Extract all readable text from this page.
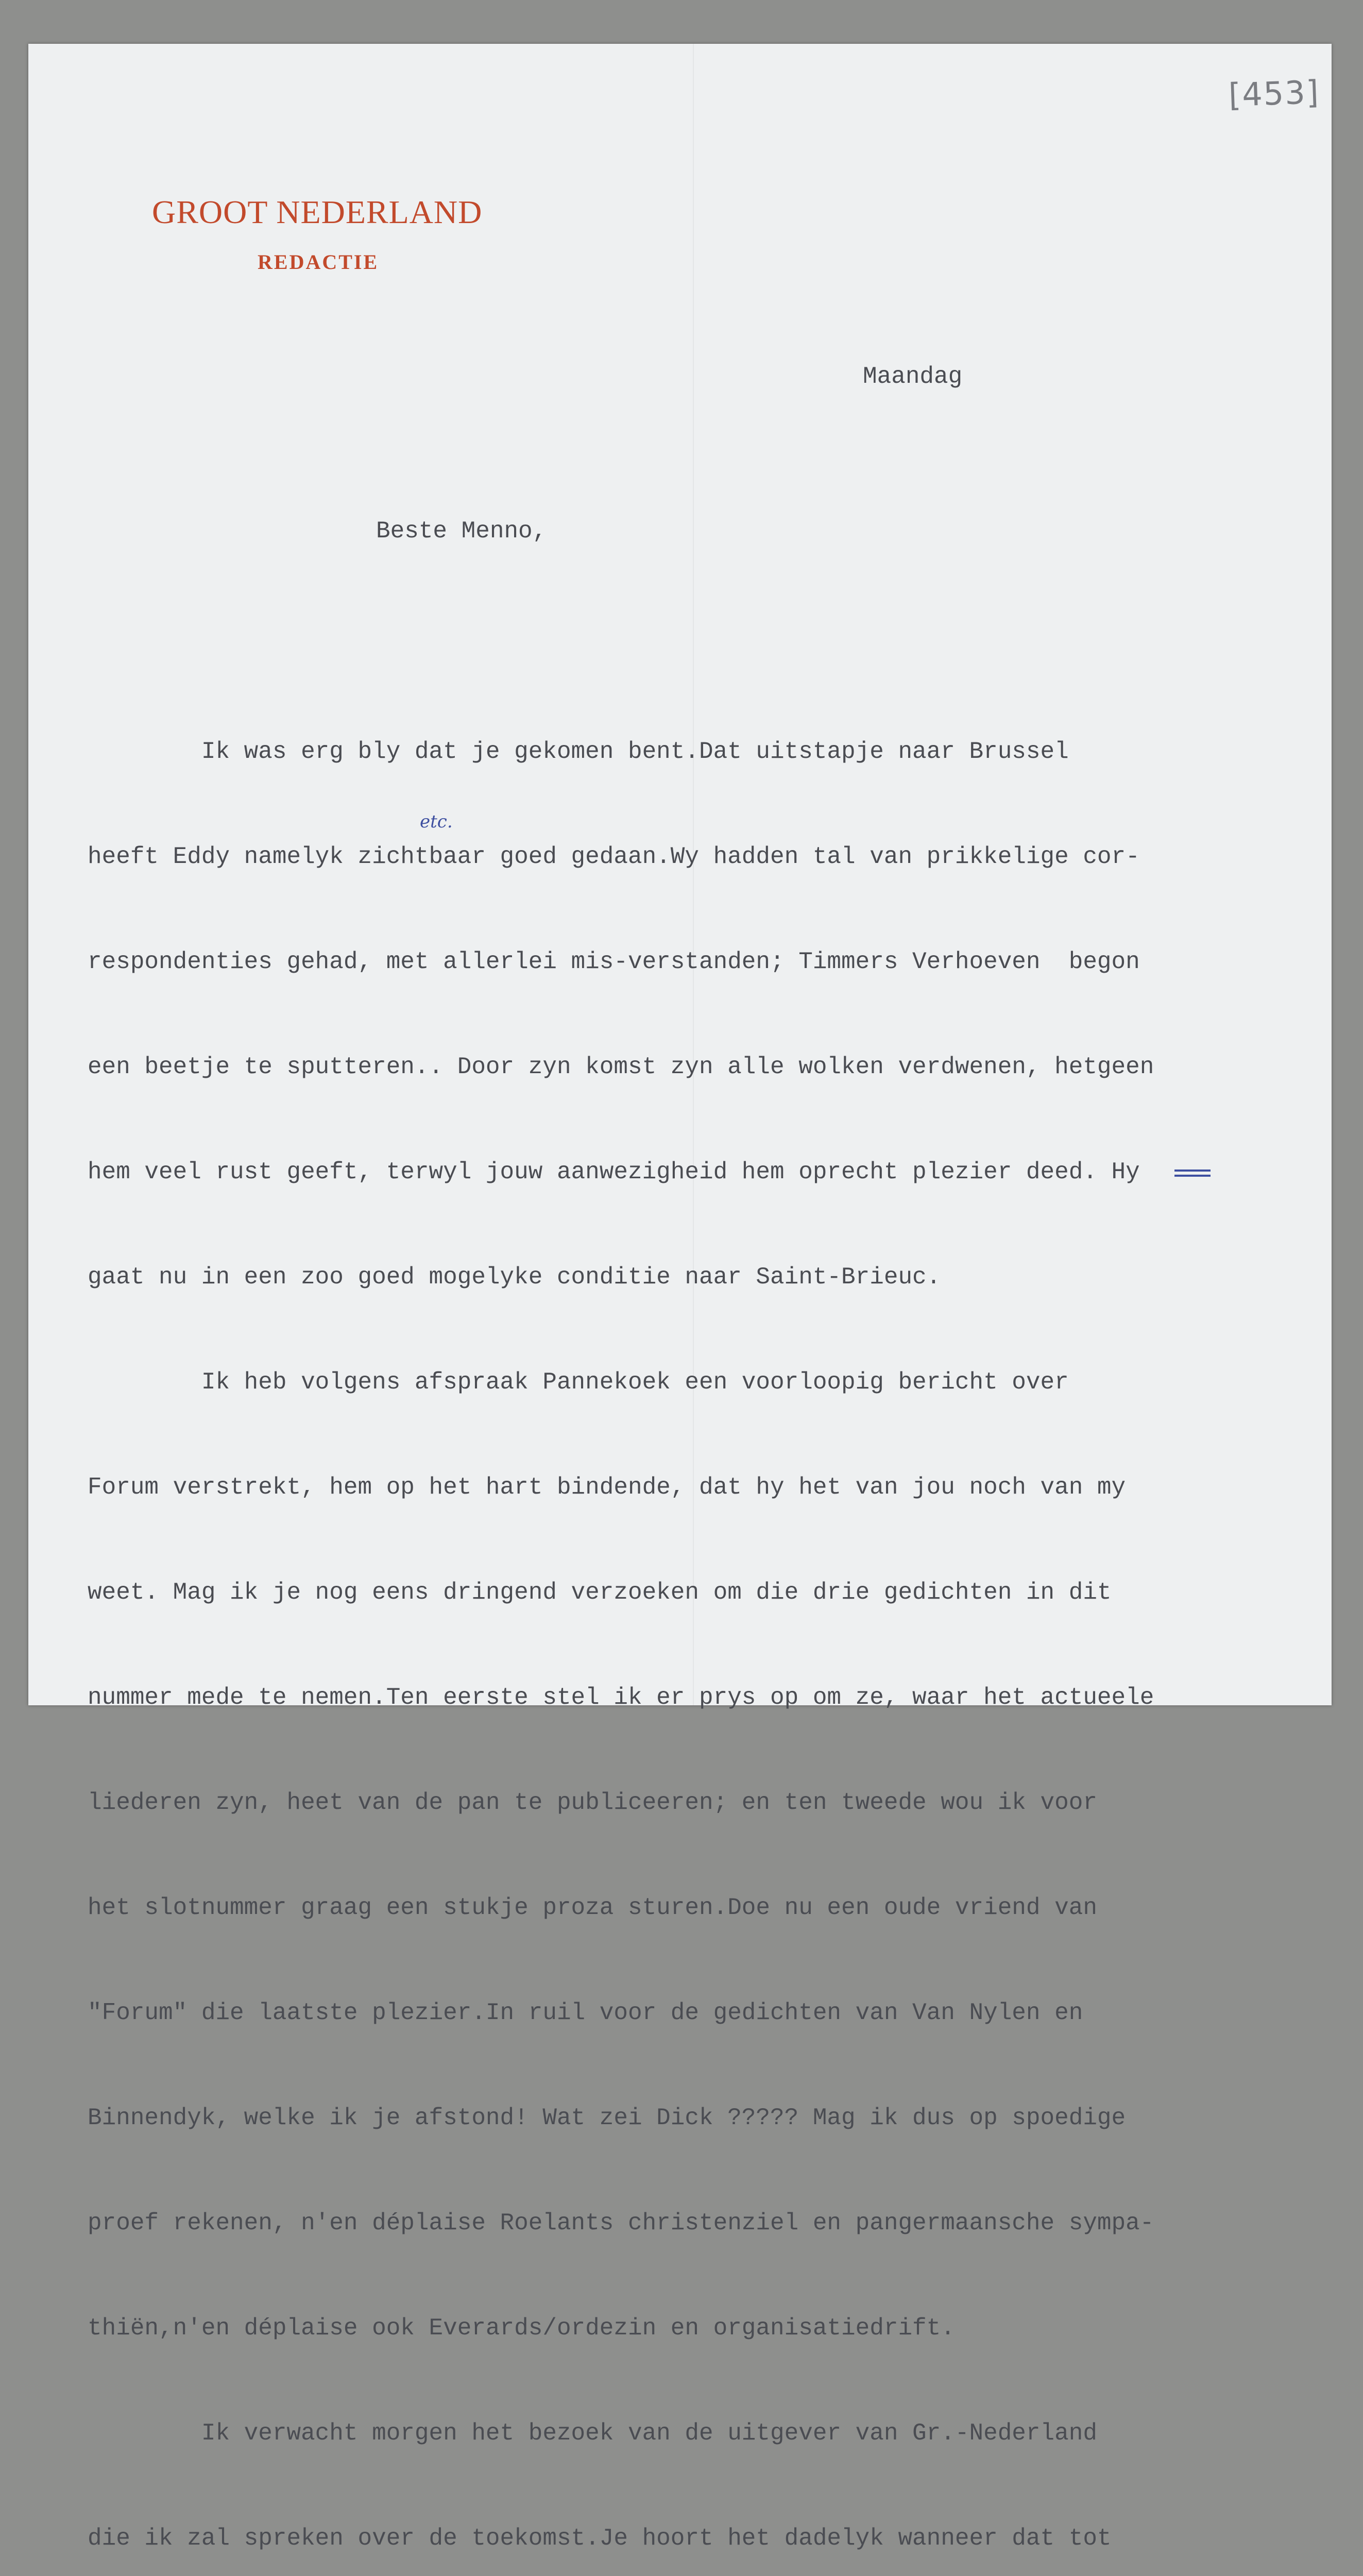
[453]
GROOT NEDERLAND
REDACTIE
Maandag
Beste Menno,
etc.

Ik was erg bly dat je gekomen bent.Dat uitstapje naar Brussel

heeft Eddy namelyk zichtbaar goed gedaan.Wy hadden tal van prikkelige cor-

respondenties gehad, met allerlei mis-verstanden; Timmers Verhoeven  begon

een beetje te sputteren.. Door zyn komst zyn alle wolken verdwenen, hetgeen

hem veel rust geeft, terwyl jouw aanwezigheid hem oprecht plezier deed. Hy

gaat nu in een zoo goed mogelyke conditie naar Saint-Brieuc.

Ik heb volgens afspraak Pannekoek een voorloopig bericht over

Forum verstrekt, hem op het hart bindende, dat hy het van jou noch van my

weet. Mag ik je nog eens dringend verzoeken om die drie gedichten in dit

nummer mede te nemen.Ten eerste stel ik er prys op om ze, waar het actueele

liederen zyn, heet van de pan te publiceeren; en ten tweede wou ik voor

het slotnummer graag een stukje proza sturen.Doe nu een oude vriend van

"Forum" die laatste plezier.In ruil voor de gedichten van Van Nylen en

Binnendyk, welke ik je afstond! Wat zei Dick ????? Mag ik dus op spoedige

proef rekenen, n'en déplaise Roelants christenziel en pangermaansche sympa-

thiën,n'en déplaise ook Everards/ordezin en organisatiedrift.

Ik verwacht morgen het bezoek van de uitgever van Gr.-Nederland

die ik zal spreken over de toekomst.Je hoort het dadelyk wanneer dat tot
